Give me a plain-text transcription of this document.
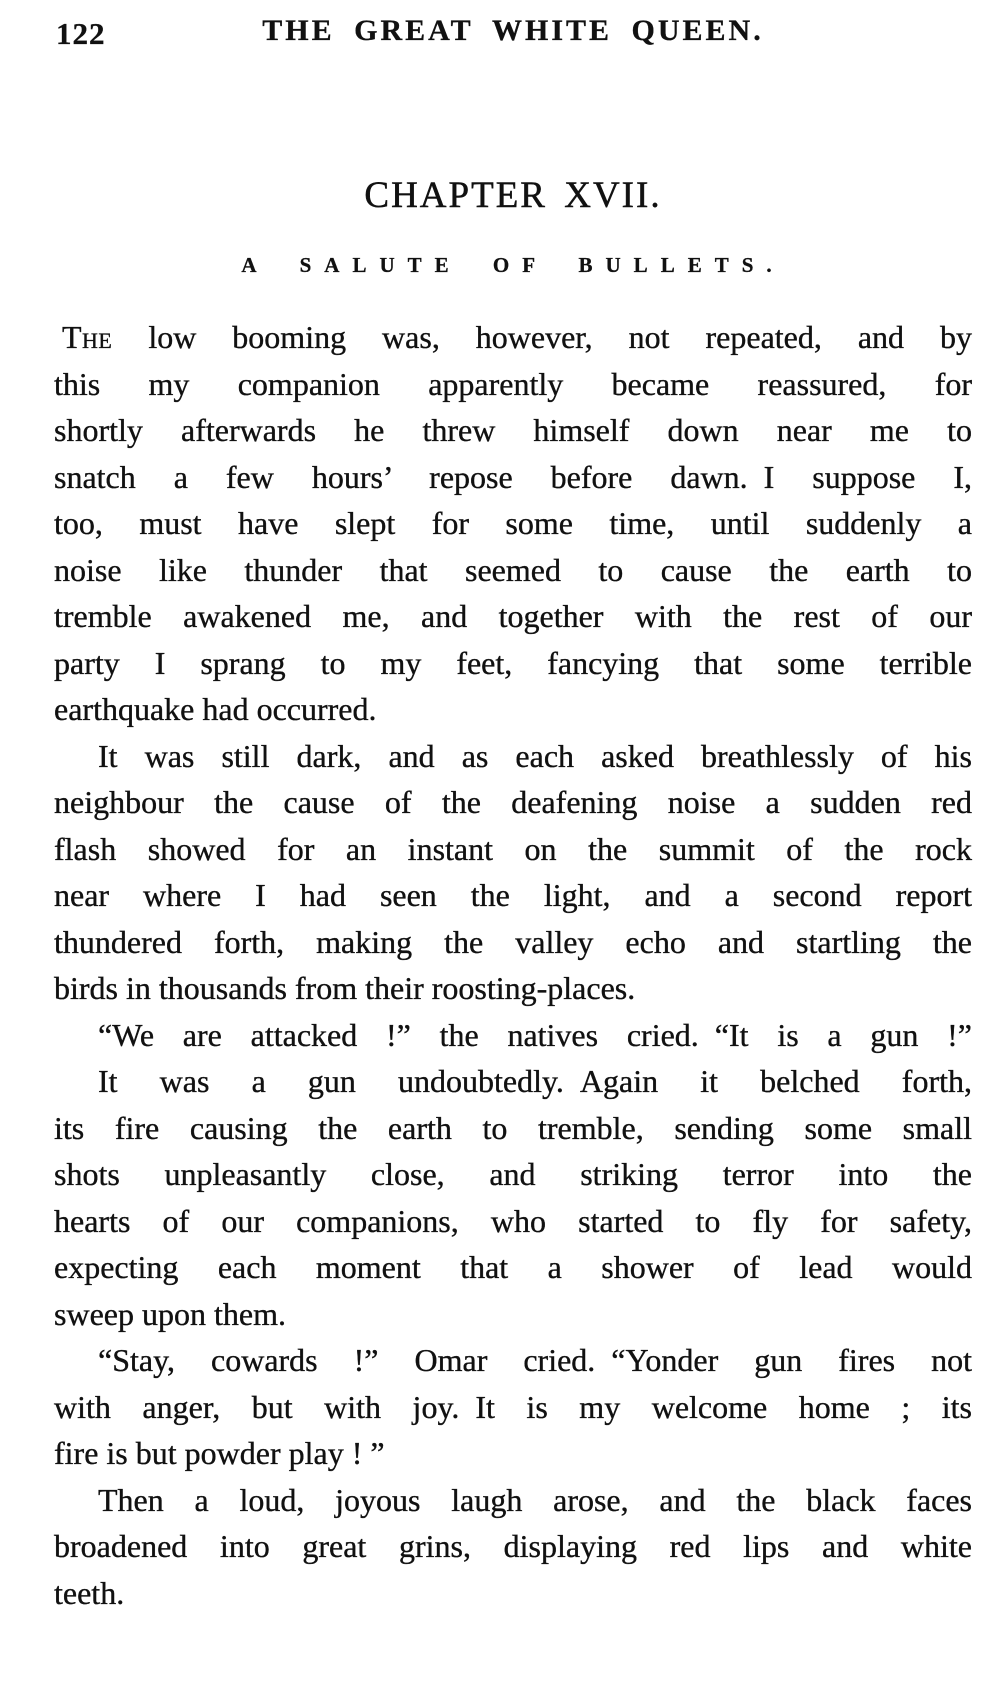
122	THE GREAT WHITE QUEEN.
CHAPTER XVII.
A SALUTE OF BULLETS.
The low booming was, however, not repeated, and by
this my companion apparently became reassured, for
shortly afterwards he threw himself down near me to
snatch a few hours’ repose before dawn. I suppose I,
too, must have slept for some time, until suddenly a
noise like thunder that seemed to cause the earth to
tremble awakened me, and together with the rest of our
party I sprang to my feet, fancying that some terrible
earthquake had occurred.
It was still dark, and as each asked breathlessly of his
neighbour the cause of the deafening noise a sudden red
flash showed for an instant on the summit of the rock
near where I had seen the light, and a second report
thundered forth, making the valley echo and startling the
birds in thousands from their roosting-places.
“We are attacked !” the natives cried. “It is a gun !”
It was a gun undoubtedly. Again it belched forth,
its fire causing the earth to tremble, sending some small
shots unpleasantly close, and striking terror into the
hearts of our companions, who started to fly for safety,
expecting each moment that a shower of lead would
sweep upon them.
“Stay, cowards !” Omar cried. “Yonder gun fires not
with anger, but with joy. It is my welcome home ; its
fire is but powder play ! ”
Then a loud, joyous laugh arose, and the black faces
broadened into great grins, displaying red lips and white
teeth.
